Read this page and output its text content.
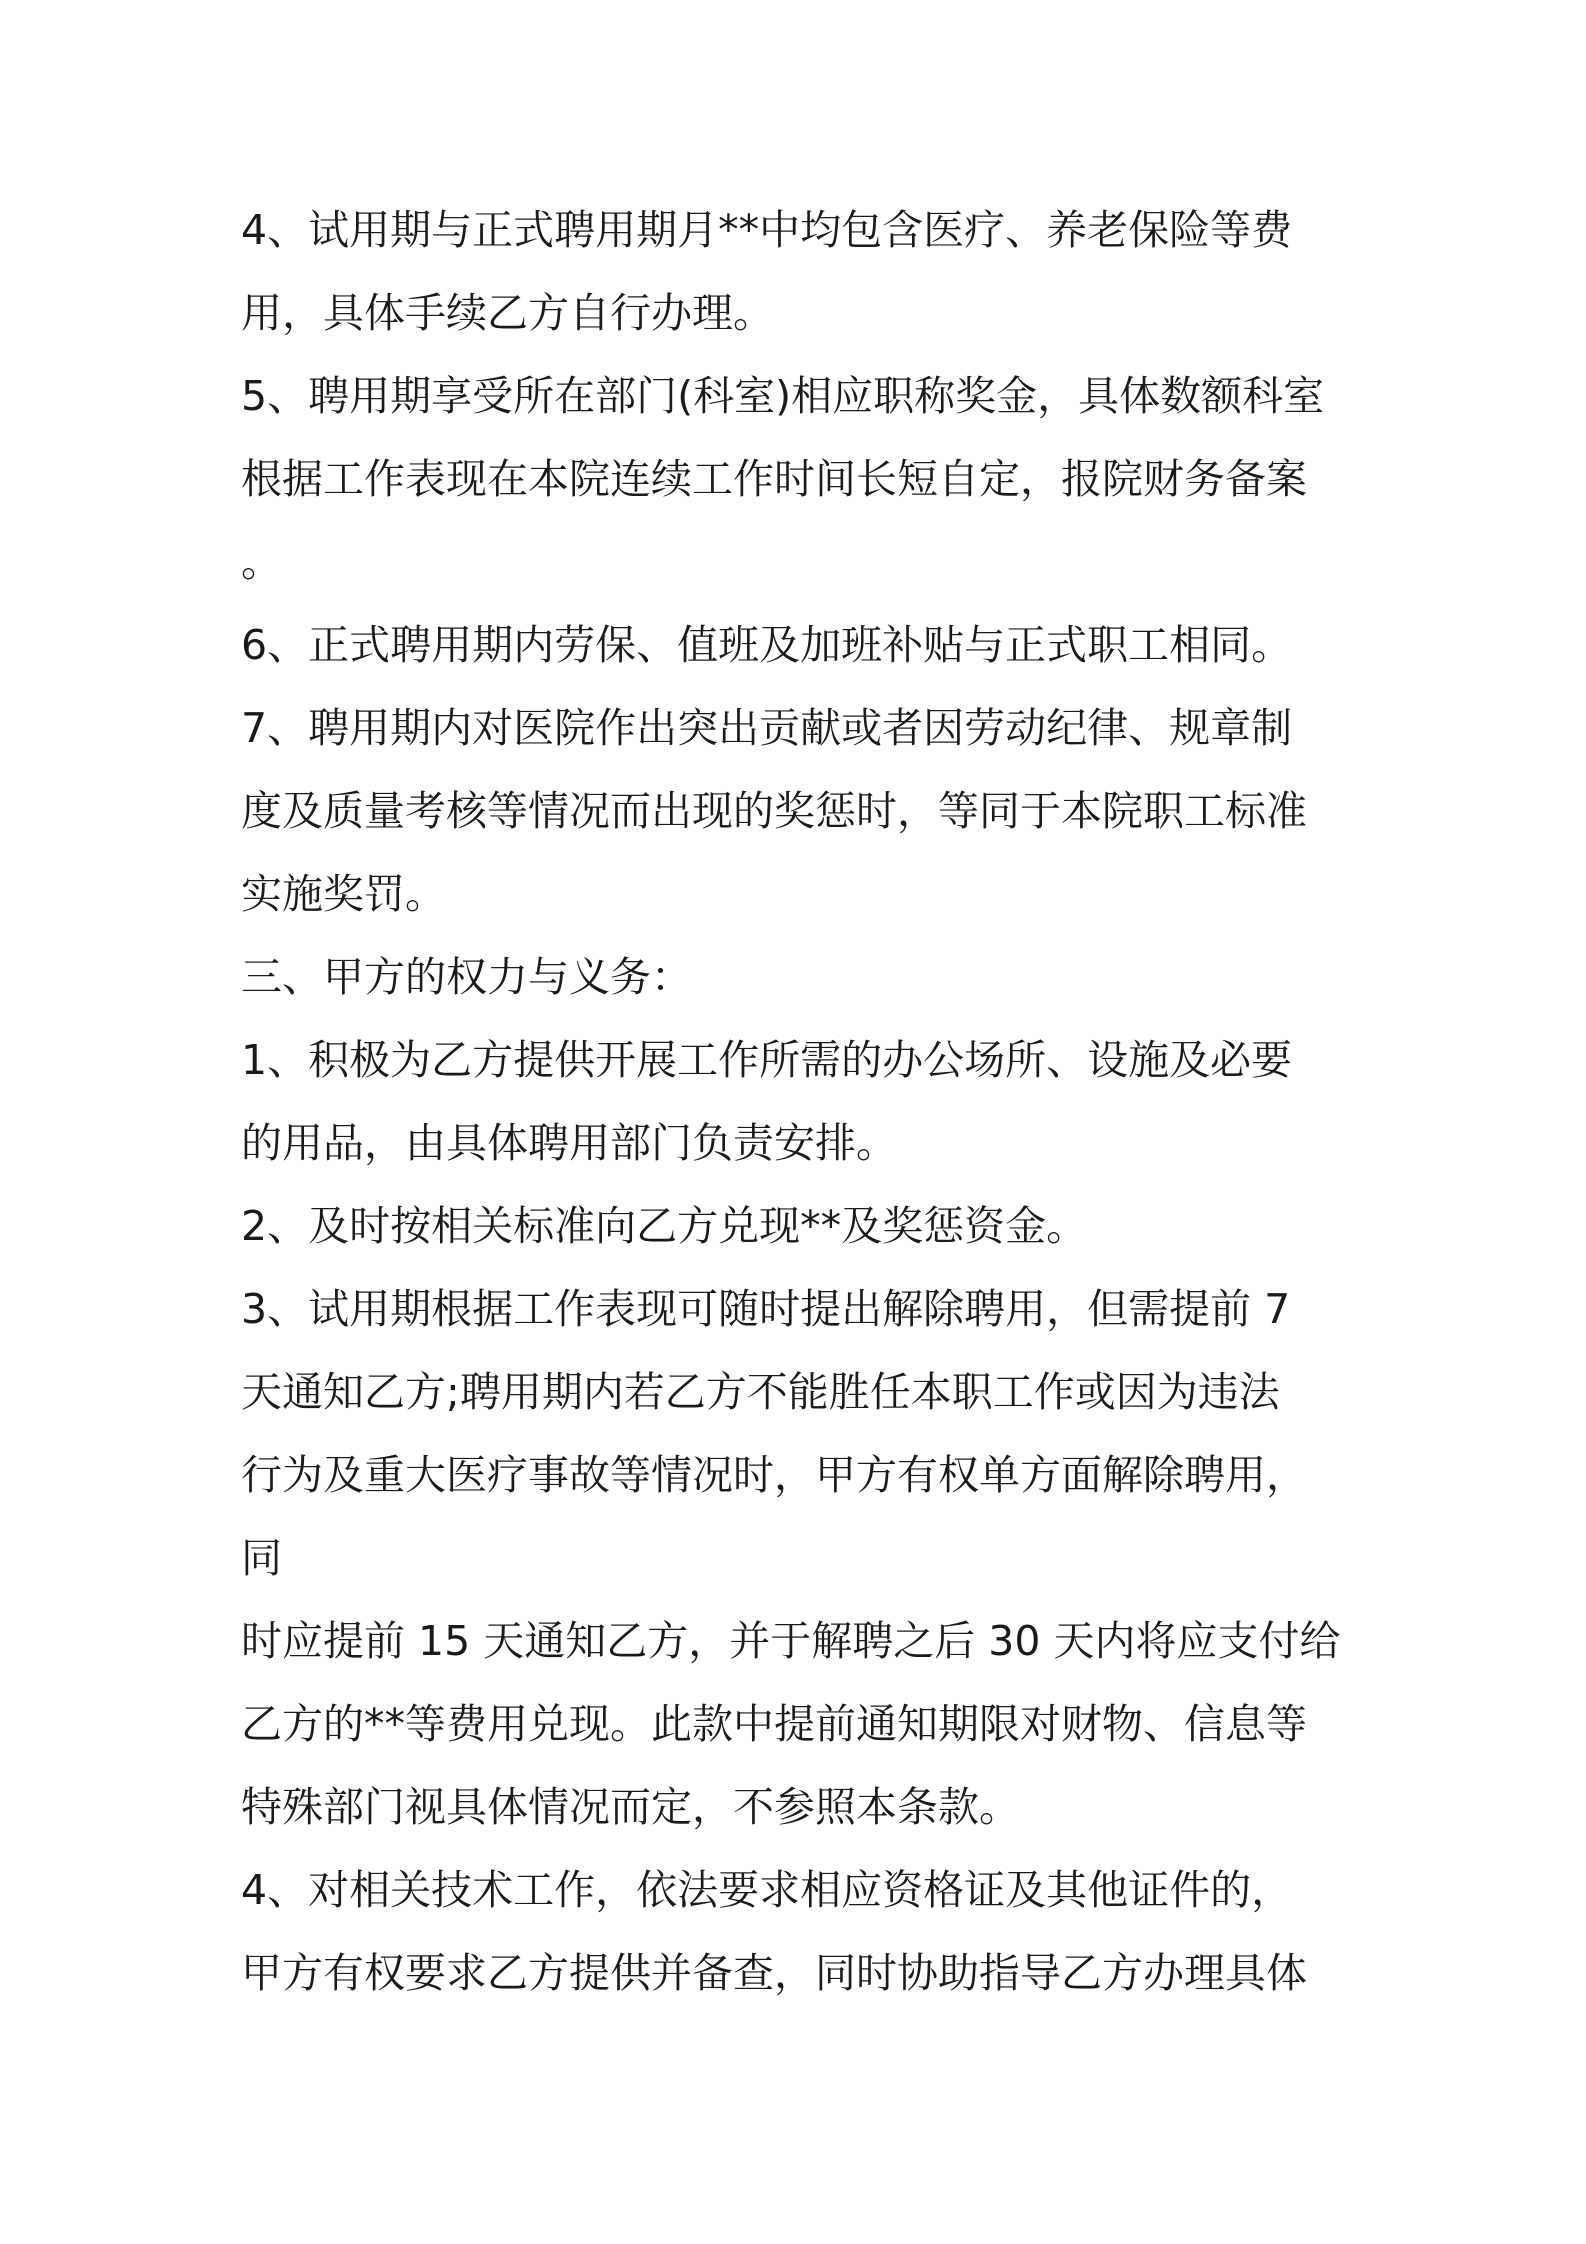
4、试用期与正式聘用期月**中均包含医疗、养老保险等费
用，具体手续乙方自行办理。
5、聘用期享受所在部门(科室)相应职称奖金，具体数额科室
根据工作表现在本院连续工作时间长短自定，报院财务备案
。
6、正式聘用期内劳保、值班及加班补贴与正式职工相同。
7、聘用期内对医院作出突出贡献或者因劳动纪律、规章制
度及质量考核等情况而出现的奖惩时，等同于本院职工标准
实施奖罚。
三、甲方的权力与义务：
1、积极为乙方提供开展工作所需的办公场所、设施及必要
的用品，由具体聘用部门负责安排。
2、及时按相关标准向乙方兑现**及奖惩资金。
3、试用期根据工作表现可随时提出解除聘用，但需提前 7
天通知乙方;聘用期内若乙方不能胜任本职工作或因为违法
行为及重大医疗事故等情况时，甲方有权单方面解除聘用，
同
时应提前 15 天通知乙方，并于解聘之后 30 天内将应支付给
乙方的**等费用兑现。此款中提前通知期限对财物、信息等
特殊部门视具体情况而定，不参照本条款。
4、对相关技术工作，依法要求相应资格证及其他证件的，
甲方有权要求乙方提供并备查，同时协助指导乙方办理具体
